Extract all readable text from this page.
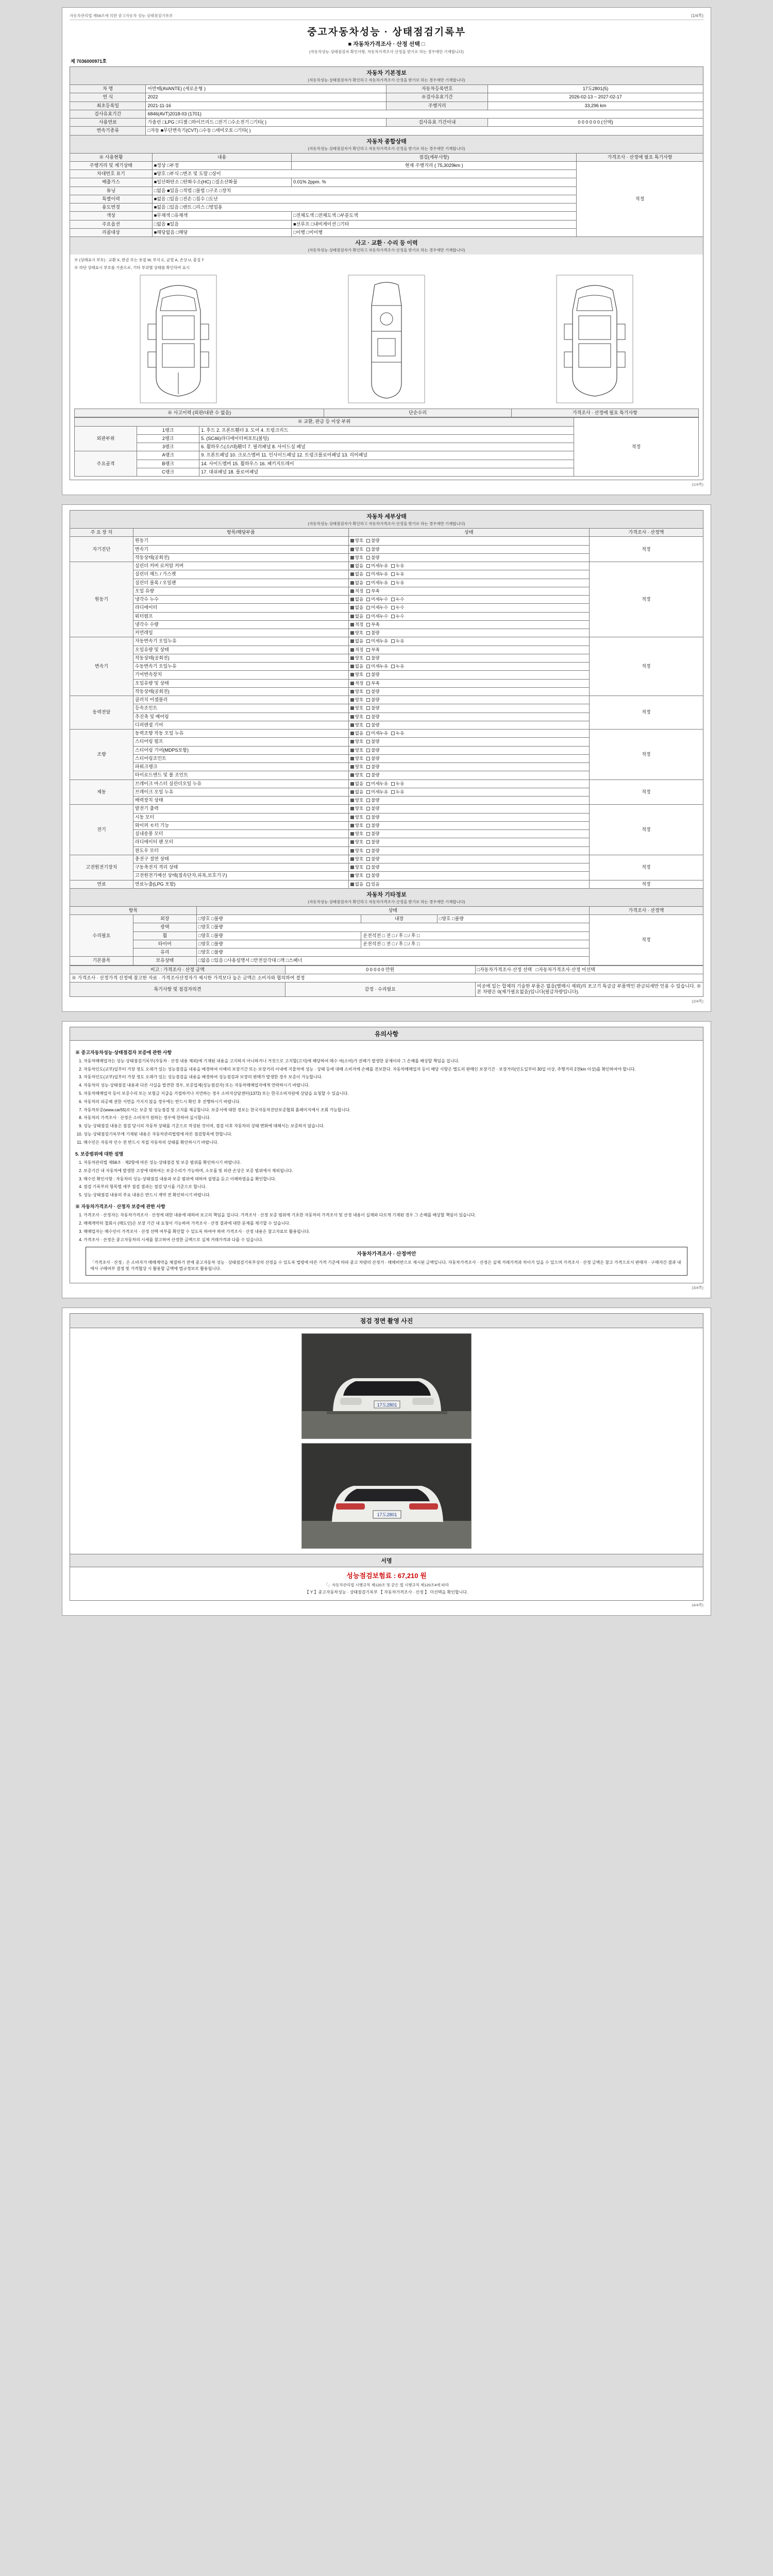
자동차관리법 제58조에 의한 중고자동차 성능·상태점검기록부	(1/4쪽)
중고자동차성능 · 상태점검기록부
■ 자동차가격조사 · 산정 선택 □
(자동차성능·상태점검자 확인사항, 자동차가격조사·산정을 받기로 하는 경우에만 기재합니다)
제 7036000971호
자동차 기본정보
(자동차성능·상태점검자가 확인하고 자동차가격조사·산정을 받기로 하는 경우에만 기재합니다)
차 명	아반떼(AVANTE) (세로운형 )	자동차등록번호	17도2801(5)
연 식	2022	※검사유효기간	2026-02-13 ~ 2027-02-17
최초등록일	2021-11-16	주행거리	33,296 km
검사유효기간	6846(AVT)2018-03 (1701)		
사용연료	가솔린 □LPG □디젤 □하이브리드 □전기 □수소전기 □기타( )	검사유효 기간이내	0 0 0 0 0 0 (선택)
변속기종류	□자동 ■무단변속기(CVT) □수동 □세미오토 □기타( )		
자동차 종합상태
(자동차성능·상태점검자가 확인하고 자동차가격조사·산정을 받기로 하는 경우에만 기재합니다)
※ 사용현황	내용	점검(세부사항)	가격조사 · 산정에 필요 특기사항
주행거리 및 계기상태	■정상 □부정	현재 주행거리 ( 75,3029km )	적정
차대번호 표기	■양호 □부식 □변조 및 도말 □상이		
배출가스	■일산화탄소 □탄화수소(HC) □질소산화물	0.01% 2ppm. %	
튜닝	□없음 ■있음 □적법 □불법 □구조 □장치		
특별이력	■없음 □있음 □전손 □침수 □도난		
용도변경	■없음 □있음 □렌트 □리스 □영업용		
색상	■무채색 □유채색	□전체도색 □전체도색 □부분도색	
주요옵션	□없음 ■있음	■선루프 □내비게이션 □기타	
리콜대상	■해당없음 □해당	□이행 □미이행	
사고 · 교환 · 수리 등 이력
(자동차성능·상태점검자가 확인하고 자동차가격조사·산정을 받기로 하는 경우에만 기재합니다)
※ (상태표시 부호) : 교환 X, 판금 또는 용접 W, 부식 C, 균열 A, 손상 U, 흠집 T
※ 하단 상태표시 부호를 기준으로, 기타 부위별 상태를 확인하여 표시
※ 사고이력 (외판/내판 수 없음)	단순수리	가격조사 · 산정에 필요 특기사항
※ 교환, 판금 등 이상 부위			적정
외판부위	1랭크	1. 후드 2. 프론트휀더 3. 도어 4. 트렁크리드	
	2랭크	5. (SC46)라디에이터써포트(볼팅)	
	3랭크	6. 휠하우스(소/대)휀더 7. 필러패널 8. 사이드실 패널	
주요골격	A랭크	9. 프론트패널 10. 크로스멤버 11. 인사이드패널 12. 트렁크플로어패널 13. 리어패널	
	B랭크	14. 사이드멤버 15. 휠하우스 16. 패키지트레이	
	C랭크	17. 대쉬패널 18. 플로어패널	
(1/4쪽)
자동차 세부상태
(자동차성능·상태점검자가 확인하고 자동차가격조사·산정을 받기로 하는 경우에만 기재합니다)
주 요 장 치	항목/해당부품	상태	가격조사 · 산정액
자기진단	원동기	양호 불량	적정
	변속기	양호 불량	
	작동상태(공회전)	양호 불량	
원동기	실린더 커버 로커암 커버	없음 미세누유 누유	적정
	실린더 헤드 / 가스켓	없음 미세누유 누유	
	실린더 블록 / 오일팬	없음 미세누유 누유	
	오일 유량	적정 부족	
	냉각수 누수	없음 미세누수 누수	
	라디에이터	없음 미세누수 누수	
	워터펌프	없음 미세누수 누수	
	냉각수 수량	적정 부족	
	커먼레일	양호 불량	
변속기	자동변속기 오일누유	없음 미세누유 누유	적정
	오일유량 및 상태	적정 부족	
	작동상태(공회전)	양호 불량	
	수동변속기 오일누유	없음 미세누유 누유	
	기어변속장치	양호 불량	
	오일유량 및 상태	적정 부족	
	작동상태(공회전)	양호 불량	
동력전달	클러치 어셈블리	양호 불량	적정
	등속조인트	양호 불량	
	추진축 및 베어링	양호 불량	
	디퍼렌셜 기어	양호 불량	
조향	동력조향 작동 오일 누유	없음 미세누유 누유	적정
	스티어링 펌프	양호 불량	
	스티어링 기어(MDPS포함)	양호 불량	
	스티어링조인트	양호 불량	
	파워크랭크	양호 불량	
	타이로드엔드 및 볼 조인트	양호 불량	
제동	브레이크 마스터 실린더오일 누유	없음 미세누유 누유	적정
	브레이크 오일 누유	없음 미세누유 누유	
	배력장치 상태	양호 불량	
전기	발전기 출력	양호 불량	적정
	시동 모터	양호 불량	
	와이퍼 モ터 기능	양호 불량	
	실내송풍 모터	양호 불량	
	라디에이터 팬 모터	양호 불량	
	윈도우 모터	양호 불량	
고전원전기장치	충전구 절연 상태	양호 불량	적정
	구동축전지 격리 상태	양호 불량	
	고전원전기배선 상태(접속단자,피복,보호기구)	양호 불량	
연료	연료누출(LPG 포함)	없음 있음	적정
자동차 기타정보
(자동차성능·상태점검자가 확인하고 자동차가격조사·산정을 받기로 하는 경우에만 기재합니다)
항목		상태			가격조사 · 산정액
수리필요	외장	□양호 □불량	내장	□양호 □불량	적정
	광택	□양호 □불량			
	휠	□양호 □불량	운전석전 □ 전 □ / 후 □ / 후 □		
	타이어	□양호 □불량	운전석전 □ 전 □ / 후 □ / 후 □		
	유리	□양호 □불량			
기본품목	보유상태	□없음 □있음 □사용설명서 □안전삼각대 □잭 □스패너			
비고 : 가격조사 · 산정 금액	0 0 0 0 0 만원	□자동차가격조사·산정 선택 □자동차가격조사·산정 미선택
※ 가격조사 · 산정가격 선정에 참고한 자료 · 가격조사산정자가 제시한 가격보다 높은 금액은 소비자와 협의하여 결정		
특기사항 및 점검자의견	감정 · 수리필요	비공에 있는 합체의 기술한 부품은 없음(별매시 제외)의 포고기 특급급 부품역인 판금되세만 인용 수 있습니다. ※ 본 차량은 0(제가필요없음)입니다(필급차량입니다).
(2/4쪽)
유의사항
※ 중고자동차성능·상태점검자 보증에 관한 사항
1. 자동차매매업자는 성능·상태점검기록부(자동차 · 산정 내용 제외)에 기재된 내용을 고지하지 아니하거나 거짓으로 고지할(고지)에 해당하여 매수 여(소비)가 권해기 발생한 문제이라 그 손해를 배상할 책임을 집니다.
2. 자동차인도(교부)일부터 가장 정도 오래가 있는 성능점검을 내용을 배경하여 이해의 보장기간 또는 보장거리 이내에 지물차에 성능 · 상태 등에 대해 소비자에 손해를 전보한다. 자동차매매업자 등이 해당 사항은 별도의 판매인 보장기간 · 보장거리(인도일부터 30일 이상, 주행거리 2천km 이상)를 확인하여야 합니다.
3. 자동차인도(교부)일부터 가장 정도 오래가 있는 성능점검을 내용을 배경하여 성능점검과 보장의 판매가 발생한 경우 보증이 가능합니다.
4. 자동차의 성능·상태점검 내용과 다른 사실을 발견한 경우, 보증업체(성능점검자) 또는 자동차매매업자에게 연락하시기 바랍니다.
5. 자동차매매업자 등이 보증수리 또는 보험금 지급을 거절하거나 지연하는 경우 소비자상담센터(1372) 또는 한국소비자원에 상담을 요청할 수 있습니다.
6. 자동차의 피공해 권한 서면을 가지지 않을 경우에는 반드시 확인 후 진행하시기 바랍니다.
7. 자동차보증(www.car55)로서는 보증 및 성능점검 및 고지를 제공합니다. 보증서에 대한 정보는 한국자동차진단보증협회 홈페이지에서 조회 가능합니다.
8. 자동차의 가격조사 · 산정은 소비자가 원하는 경우에 한하여 실시합니다.
9. 성능·상태점검 내용은 점검 당시의 자동차 상태를 기준으로 작성된 것이며, 점검 이후 자동차의 상태 변화에 대해서는 보증하지 않습니다.
10. 성능·상태점검기록부에 기재된 내용은 자동차관리법령에 따른 점검항목에 한합니다.
11. 매수인은 자동차 인수 전 반드시 직접 자동차의 상태를 확인하시기 바랍니다.
5. 보증범위에 대한 설명
1. 자동차관리법 제58조 · 제2항에 따른 성능·상태점검 및 보증 범위를 확인하시기 바랍니다.
2. 보증기간 내 자동차에 발생한 고장에 대하여는 보증수리가 가능하며, 소모품 및 외관 손상은 보증 범위에서 제외됩니다.
3. 매수인 확인사항 : 자동차의 성능·상태점검 내용과 보증 범위에 대하여 설명을 듣고 이해하였음을 확인합니다.
4. 점검 기록부의 항목별 세부 점검 결과는 점검 당시를 기준으로 합니다.
5. 성능·상태점검 내용의 주요 내용은 반드시 계약 전 확인하시기 바랍니다.
※ 자동차가격조사 · 산정자 보증에 관한 사항
1. 가격조사 · 산정자는 자동차가격조사 · 산정에 대한 내용에 대하여 보고의 책임을 집니다. 가격조사 · 산정 보증 범위에 기초한 자동차의 가격조사 및 산정 내용이 실제와 다르게 기재된 경우 그 손해를 배상할 책임이 있습니다.
2. 매매계약의 철회시 (매도인)은 보장 기간 내 요청이 가능하며 가격조사 · 산정 결과에 대한 문제를 제기할 수 있습니다.
3. 매매업자는 매수인이 가격조사 · 산정 선택 여부를 확인할 수 있도록 하여야 하며 가격조사 · 산정 내용은 참고자료로 활용됩니다.
4. 가격조사 · 산정은 중고자동차의 시세를 참고하여 산정한 금액으로 실제 거래가격과 다를 수 있습니다.
자동차가격조사 · 산정여안
「가격조사 · 산정」은 소비자가 매매계약을 체결하기 전에 중고자동차 성능 · 상태점검기록부상의 산정을 수 있도록 법령에 따른 가격 기준에 따라 중고 차량의 산정가 · 매매비반으로 제시된 금액입니다. 자동차가격조사 · 산정은 실제 거래가격과 차이가 있을 수 있으며 가격조사 · 산정 금액은 참고 가격으로서 판매자 · 구매자간 결과 내에서 구매여부 결정 및 가격협상 시 활용할 금액에 법규정보로 활용됩니다.
(3/4쪽)
점검 정면 촬영 사진
17도2801
17도2801
서명
성능점검보험료 : 67,210 원
「」자동차관리법 시행규칙 제120조 및 같은 법 시행규칙 제120조4에 따라
【 Y 】중고자동차성능 · 상태점검기록부 【 자동차가격조사 · 산정 】 미선택을 확인합니다.
(4/4쪽)
